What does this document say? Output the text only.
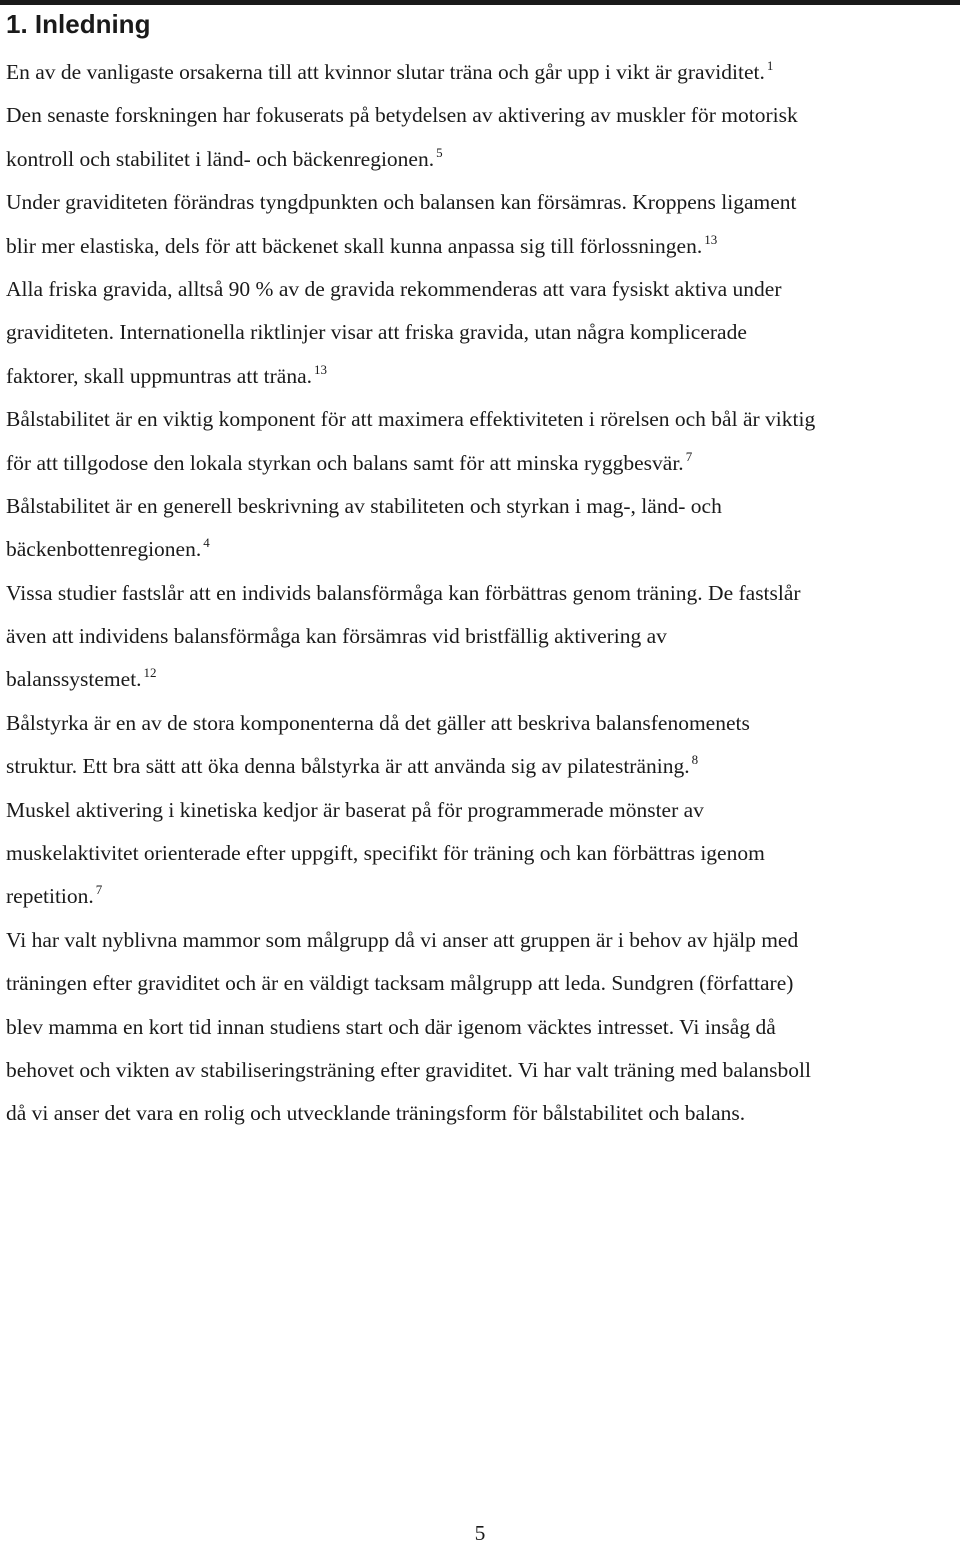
1. Inledning
En av de vanligaste orsakerna till att kvinnor slutar träna och går upp i vikt är graviditet. $^1$
Den senaste forskningen har fokuserats på betydelsen av aktivering av muskler för motorisk
kontroll och stabilitet i länd- och bäckenregionen. $^5$
Under graviditeten förändras tyngdpunkten och balansen kan försämras. Kroppens ligament
blir mer elastiska, dels för att bäckenet skall kunna anpassa sig till förlossningen. $^{13}$
Alla friska gravida, alltså 90 % av de gravida rekommenderas att vara fysiskt aktiva under
graviditeten. Internationella riktlinjer visar att friska gravida, utan några komplicerade
faktorer, skall uppmuntras att träna. $^{13}$
Bålstabilitet är en viktig komponent för att maximera effektiviteten i rörelsen och bål är viktig
för att tillgodose den lokala styrkan och balans samt för att minska ryggbesvär. $^7$
Bålstabilitet är en generell beskrivning av stabiliteten och styrkan i mag-, länd- och
bäckenbottenregionen. $^4$
Vissa studier fastslår att en individs balansförmåga kan förbättras genom träning. De fastslår
även att individens balansförmåga kan försämras vid bristfällig aktivering av
balanssystemet. $^{12}$
Bålstyrka är en av de stora komponenterna då det gäller att beskriva balansfenomenets
struktur. Ett bra sätt att öka denna bålstyrka är att använda sig av pilatesträning. $^8$
Muskel aktivering i kinetiska kedjor är baserat på för programmerade mönster av
muskelaktivitet orienterade efter uppgift, specifikt för träning och kan förbättras igenom
repetition. $^7$
Vi har valt nyblivna mammor som målgrupp då vi anser att gruppen är i behov av hjälp med
träningen efter graviditet och är en väldigt tacksam målgrupp att leda. Sundgren (författare)
blev mamma en kort tid innan studiens start och där igenom väcktes intresset. Vi insåg då
behovet och vikten av stabiliseringsträning efter graviditet. Vi har valt träning med balansboll
då vi anser det vara en rolig och utvecklande träningsform för bålstabilitet och balans.
5
